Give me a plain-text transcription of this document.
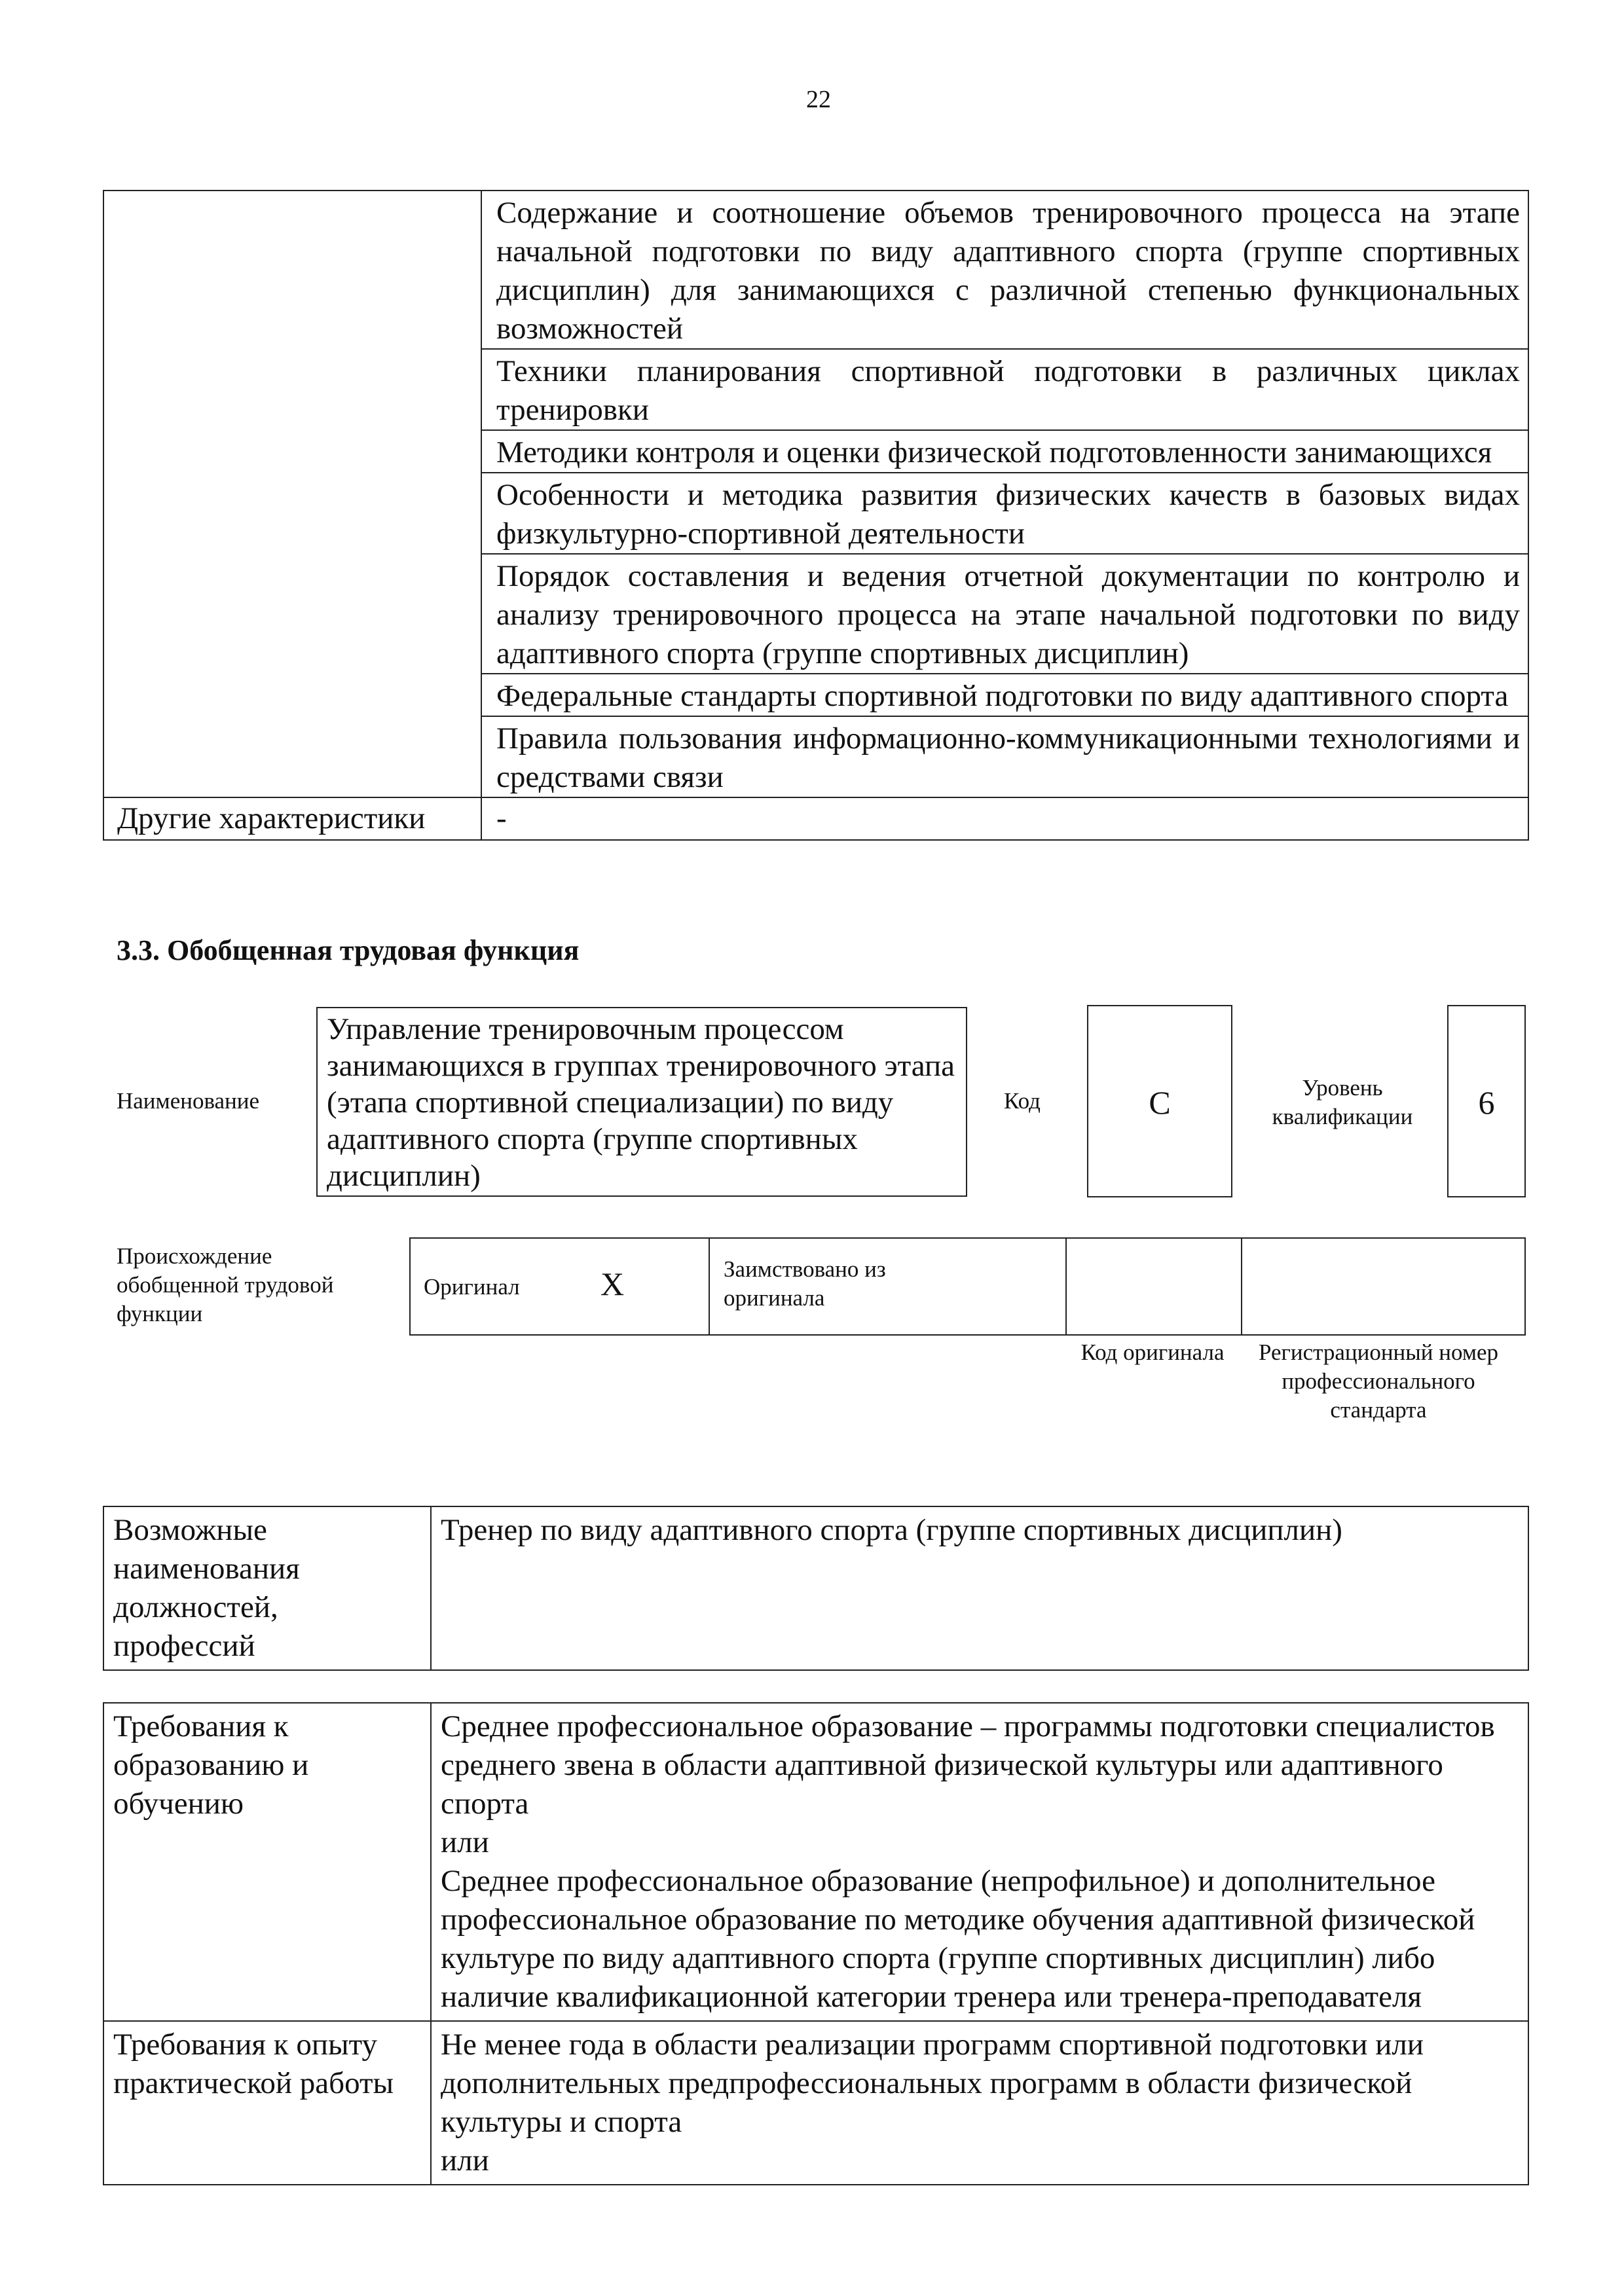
22
	Содержание и соотношение объемов тренировочного процесса на этапе начальной подготовки по виду адаптивного спорта (группе спортивных дисциплин) для занимающихся с различной степенью функциональных возможностей
	Техники планирования спортивной подготовки в различных циклах тренировки
	Методики контроля и оценки физической подготовленности занимающихся
	Особенности и методика развития физических качеств в базовых видах физкультурно-спортивной деятельности
	Порядок составления и ведения отчетной документации по контролю и анализу тренировочного процесса на этапе начальной подготовки по виду адаптивного спорта (группе спортивных дисциплин)
	Федеральные стандарты спортивной подготовки по виду адаптивного спорта
	Правила пользования информационно-коммуникационными технологиями и средствами связи
Другие характеристики	-
3.3. Обобщенная трудовая функция
Наименование
Управление тренировочным процессом занимающихся в группах тренировочного этапа (этапа спортивной специализации) по виду адаптивного спорта (группе спортивных дисциплин)
Код	С	Уровень квалификации	6
Происхождение обобщенной трудовой функции
Оригинал Х	Заимствовано из оригинала
Код оригинала	Регистрационный номер профессионального стандарта
Возможные наименования должностей, профессий	Тренер по виду адаптивного спорта (группе спортивных дисциплин)
Требования к образованию и обучению	Среднее профессиональное образование – программы подготовки специалистов среднего звена в области адаптивной физической культуры или адаптивного спорта
или
Среднее профессиональное образование (непрофильное) и дополнительное профессиональное образование по методике обучения адаптивной физической культуре по виду адаптивного спорта (группе спортивных дисциплин) либо наличие квалификационной категории тренера или тренера-преподавателя

Требования к опыту практической работы	Не менее года в области реализации программ спортивной подготовки или дополнительных предпрофессиональных программ в области физической культуры и спорта
или
